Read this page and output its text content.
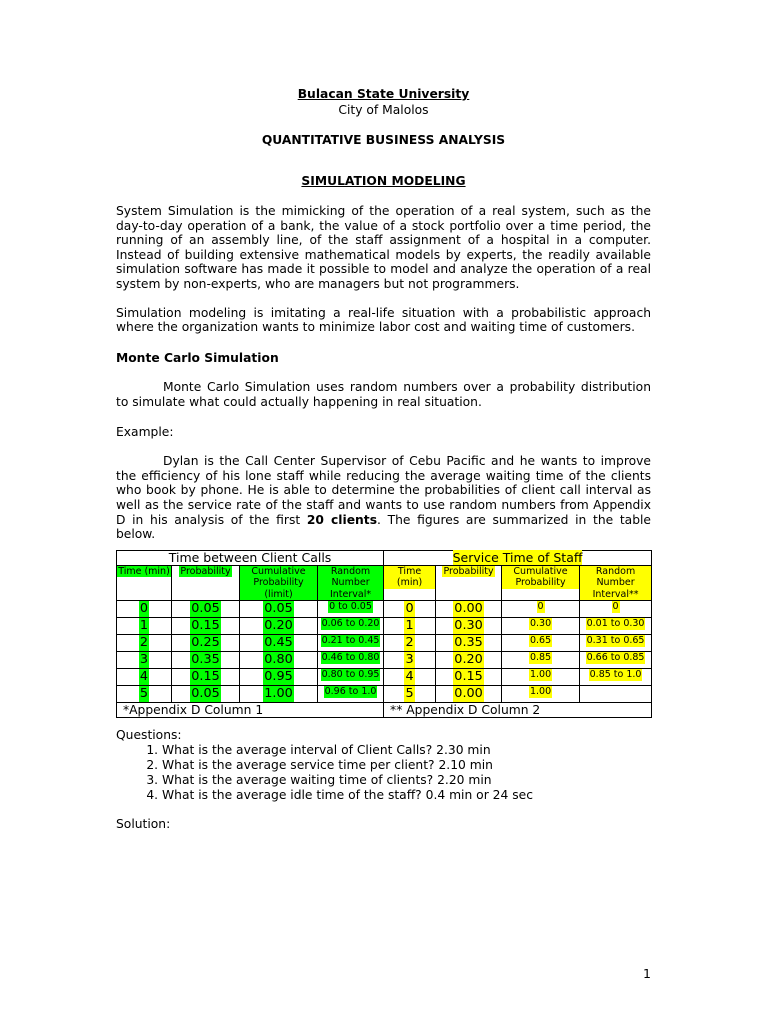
Bulacan State University

City of Malolos

QUANTITATIVE BUSINESS ANALYSIS

SIMULATION MODELING

System Simulation is the mimicking of the operation of a real system, such as the day-to-day operation of a bank, the value of a stock portfolio over a time period, the running of an assembly line, of the staff assignment of a hospital in a computer. Instead of building extensive mathematical models by experts, the readily available simulation software has made it possible to model and analyze the operation of a real system by non-experts, who are managers but not programmers.

Simulation modeling is imitating a real-life situation with a probabilistic approach where the organization wants to minimize labor cost and waiting time of customers.

Monte Carlo Simulation

Monte Carlo Simulation uses random numbers over a probability distribution to simulate what could actually happening in real situation.

Example:

Dylan is the Call Center Supervisor of Cebu Pacific and he wants to improve the efficiency of his lone staff while reducing the average waiting time of the clients who book by phone. He is able to determine the probabilities of client call interval as well as the service rate of the staff and wants to use random numbers from Appendix D in his analysis of the first 20 clients. The figures are summarized in the table below.

Time between Client Calls				Service Time of Staff			
Time (min)	Probability	Cumulative Probability (limit)	Random Number Interval*	Time (min)	Probability	Cumulative Probability	Random Number Interval**
0	0.05	0.05	0 to 0.05	0	0.00	0	0
1	0.15	0.20	0.06 to 0.20	1	0.30	0.30	0.01 to 0.30
2	0.25	0.45	0.21 to 0.45	2	0.35	0.65	0.31 to 0.65
3	0.35	0.80	0.46 to 0.80	3	0.20	0.85	0.66 to 0.85
4	0.15	0.95	0.80 to 0.95	4	0.15	1.00	0.85 to 1.0
5	0.05	1.00	0.96 to 1.0	5	0.00	1.00	
*Appendix D Column 1				** Appendix D Column 2			
Questions:
1. What is the average interval of Client Calls? 2.30 min
2. What is the average service time per client? 2.10 min
3. What is the average waiting time of clients? 2.20 min
4. What is the average idle time of the staff? 0.4 min or 24 sec
Solution:
1
